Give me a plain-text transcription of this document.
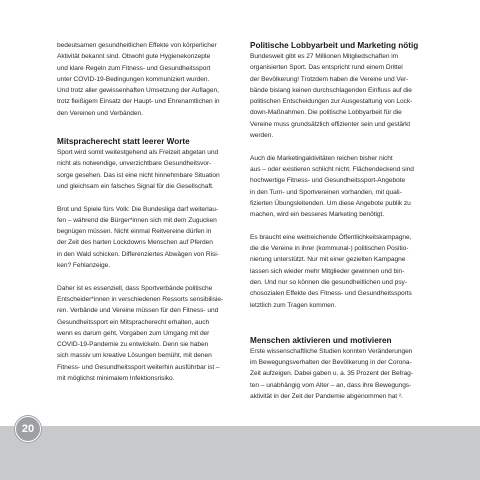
bedeutsamen gesundheitlichen Effekte von körperlicher
Aktivität bekannt sind. Obwohl gute Hygienekonzepte
und klare Regeln zum Fitness- und Gesundheitssport
unter COVID-19-Bedingungen kommuniziert wurden.
Und trotz aller gewissenhaften Umsetzung der Auflagen,
trotz fleißigem Einsatz der Haupt- und Ehrenamtlichen in
den Vereinen und Verbänden.

Mitspracherecht statt leerer Worte

Sport wird somit weitestgehend als Freizeit abgetan und
nicht als notwendige, unverzichtbare Gesundheitsvor-
sorge gesehen. Das ist eine nicht hinnehmbare Situation
und gleichsam ein falsches Signal für die Gesellschaft.

Brot und Spiele fürs Volk: Die Bundesliga darf weiterlau-
fen – während die Bürger*innen sich mit dem Zugucken
begnügen müssen. Nicht einmal Reitvereine dürfen in
der Zeit des harten Lockdowns Menschen auf Pferden
in den Wald schicken. Differenziertes Abwägen von Risi-
ken? Fehlanzeige.

Daher ist es essenziell, dass Sportverbände politische
Entscheider*innen in verschiedenen Ressorts sensibilisie-
ren. Verbände und Vereine müssen für den Fitness- und
Gesundheitssport ein Mitspracherecht erhalten, auch
wenn es darum geht, Vorgaben zum Umgang mit der
COVID-19-Pandemie zu entwickeln. Denn sie haben
sich massiv um kreative Lösungen bemüht, mit denen
Fitness- und Gesundheitssport weiterhin ausführbar ist –
mit möglichst minimalem Infektionsrisiko.

Politische Lobbyarbeit und Marketing nötig

Bundesweit gibt es 27 Millionen Mitgliedschaften im
organisierten Sport. Das entspricht rund einem Drittel
der Bevölkerung! Trotzdem haben die Vereine und Ver-
bände bislang keinen durchschlagenden Einfluss auf die
politischen Entscheidungen zur Ausgestaltung von Lock-
down-Maßnahmen. Die politische Lobbyarbeit für die
Vereine muss grundsätzlich effizienter sein und gestärkt
werden.

Auch die Marketingaktivitäten reichen bisher nicht
aus – oder existieren schlicht nicht. Flächendeckend sind
hochwertige Fitness- und Gesundheitssport-Angebote
in den Turn- und Sportvereinen vorhanden, mit quali-
fizierten Übungsleitenden. Um diese Angebote publik zu
machen, wird ein besseres Marketing benötigt.

Es braucht eine weitreichende Öffentlichkeitskampagne,
die die Vereine in ihrer (kommunal-) politischen Positio-
nierung unterstützt. Nur mit einer gezielten Kampagne
lassen sich wieder mehr Mitglieder gewinnen und bin-
den. Und nur so können die gesundheitlichen und psy-
chosozialen Effekte des Fitness- und Gesundheitssports
letztlich zum Tragen kommen.

Menschen aktivieren und motivieren

Erste wissenschaftliche Studien konnten Veränderungen
im Bewegungsverhalten der Bevölkerung in der Corona-
Zeit aufzeigen. Dabei gaben u. a. 35 Prozent der Befrag-
ten – unabhängig vom Alter – an, dass ihre Bewegungs-
aktivität in der Zeit der Pandemie abgenommen hat ².

20
